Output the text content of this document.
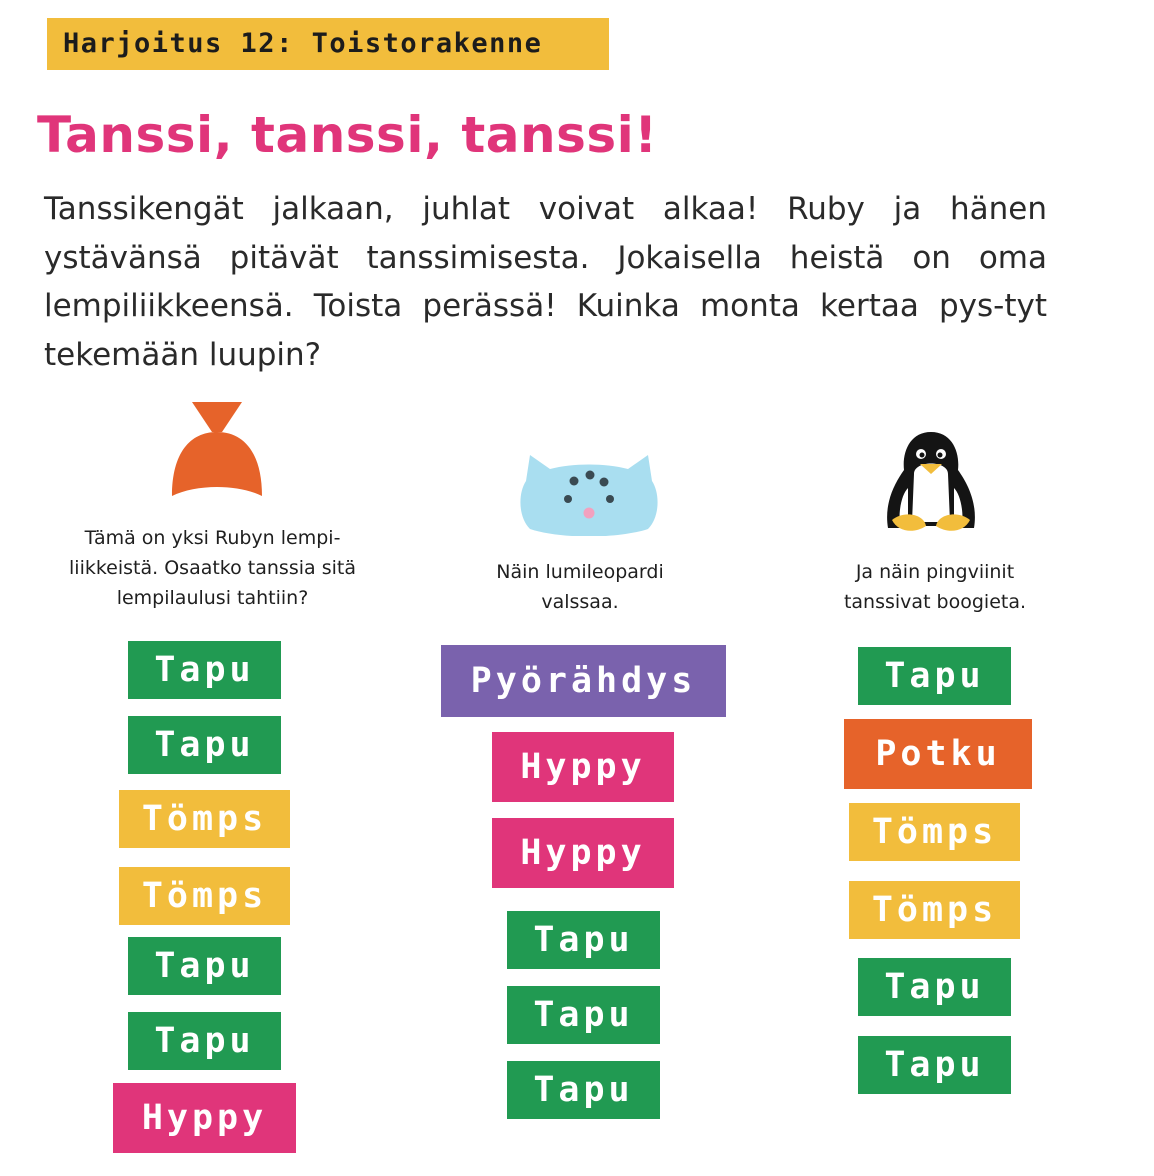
Harjoitus 12: Toistorakenne
Tanssi, tanssi, tanssi!

Tanssikengät jalkaan, juhlat voivat alkaa! Ruby ja hänen ystävänsä pitävät tanssimisesta. Jokaisella heistä on oma lempiliikkeensä. Toista perässä! Kuinka monta kertaa pys-tyt tekemään luupin?

Tämä on yksi Rubyn lempi-
liikkeistä. Osaatko tanssia sitä
lempilaulusi tahtiin?
Tapu
Tapu
Tömps
Tömps
Tapu
Tapu
Hyppy
Näin lumileopardi
valssaa.
Pyörähdys
Hyppy
Hyppy
Tapu
Tapu
Tapu
Ja näin pingviinit
tanssivat boogieta.
Tapu
Potku
Tömps
Tömps
Tapu
Tapu
